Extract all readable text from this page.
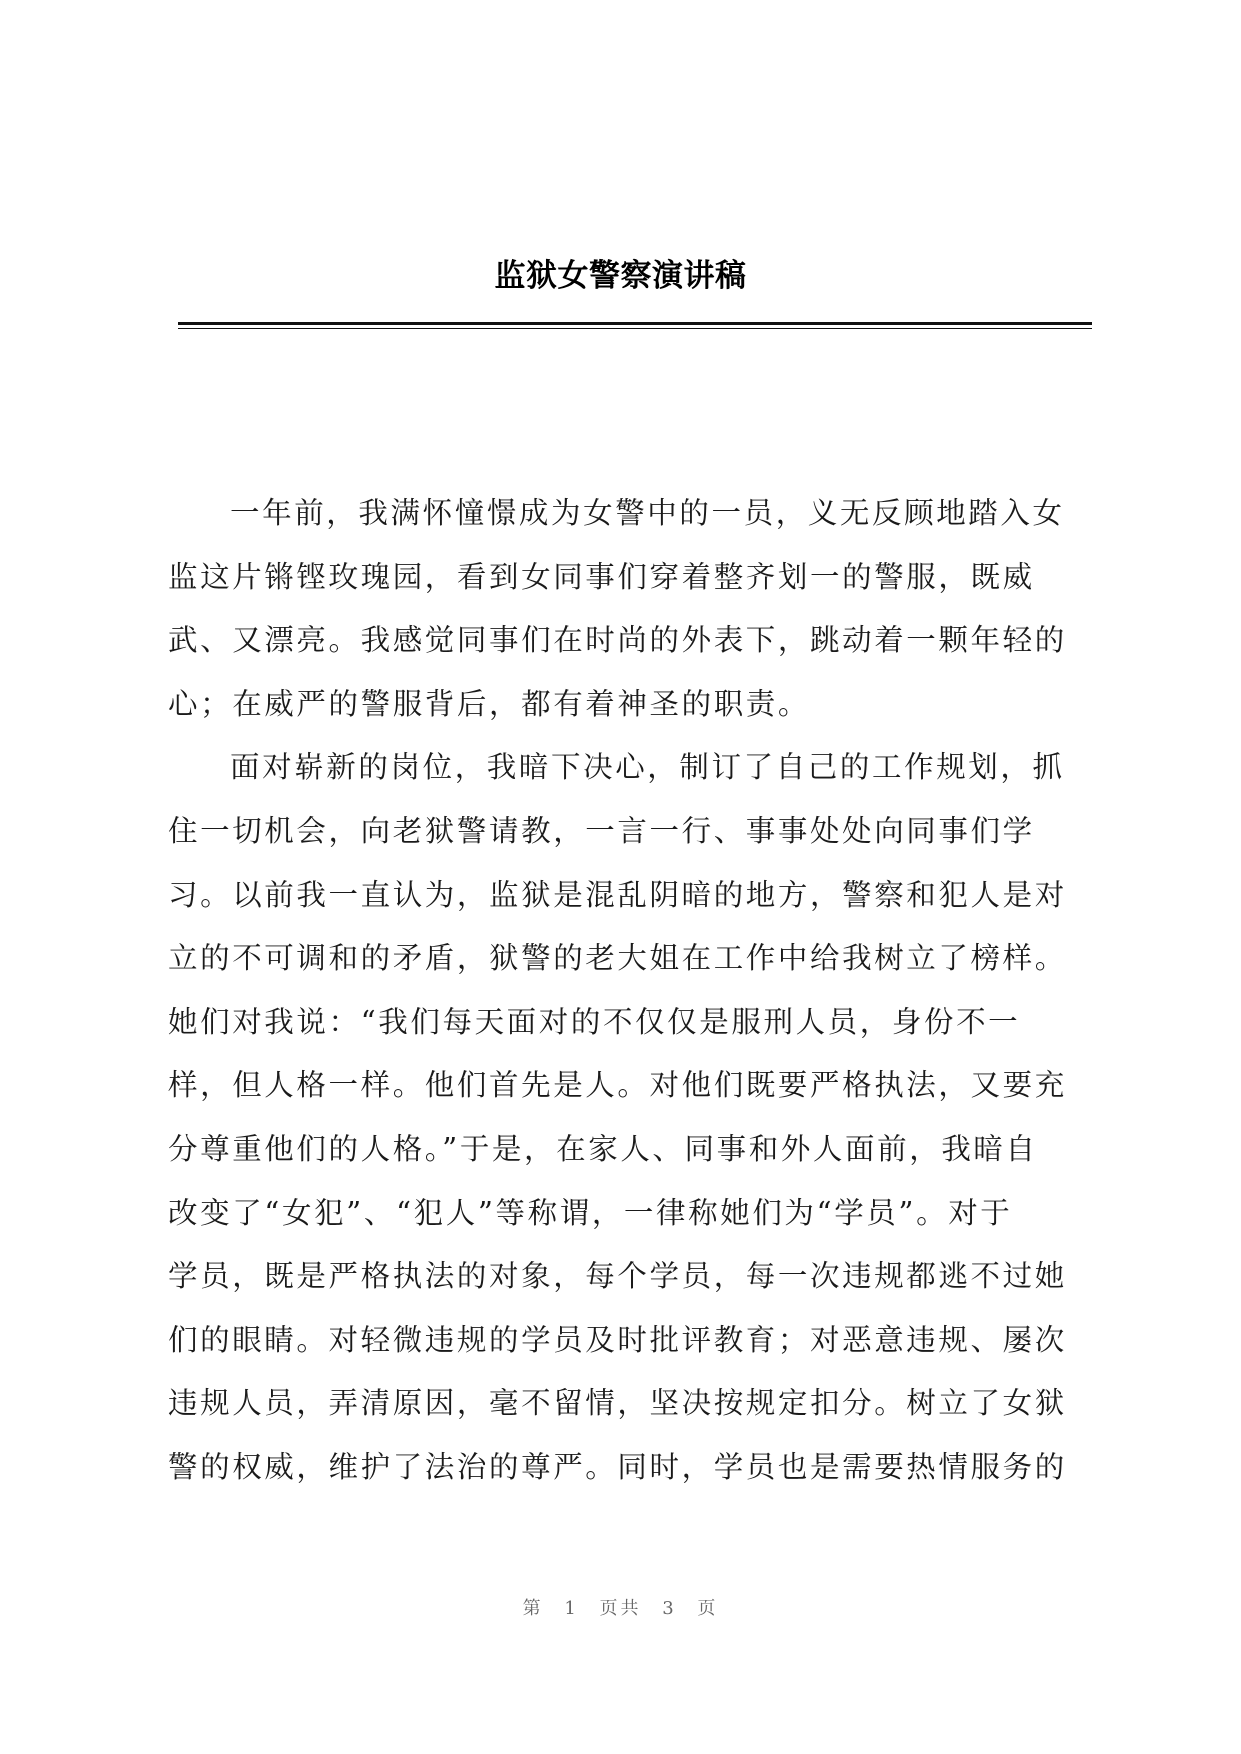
监狱女警察演讲稿
一年前，我满怀憧憬成为女警中的一员，义无反顾地踏入女
监这片锵铿玫瑰园，看到女同事们穿着整齐划一的警服，既威
武、又漂亮。我感觉同事们在时尚的外表下，跳动着一颗年轻的
心；在威严的警服背后，都有着神圣的职责。
面对崭新的岗位，我暗下决心，制订了自己的工作规划，抓
住一切机会，向老狱警请教，一言一行、事事处处向同事们学
习。以前我一直认为，监狱是混乱阴暗的地方，警察和犯人是对
立的不可调和的矛盾，狱警的老大姐在工作中给我树立了榜样。
她们对我说：“我们每天面对的不仅仅是服刑人员，身份不一
样，但人格一样。他们首先是人。对他们既要严格执法，又要充
分尊重他们的人格。”于是，在家人、同事和外人面前，我暗自
改变了“女犯”、“犯人”等称谓，一律称她们为“学员”。对于
学员，既是严格执法的对象，每个学员，每一次违规都逃不过她
们的眼睛。对轻微违规的学员及时批评教育；对恶意违规、屡次
违规人员，弄清原因，毫不留情，坚决按规定扣分。树立了女狱
警的权威，维护了法治的尊严。同时，学员也是需要热情服务的
第 1 页共 3 页
